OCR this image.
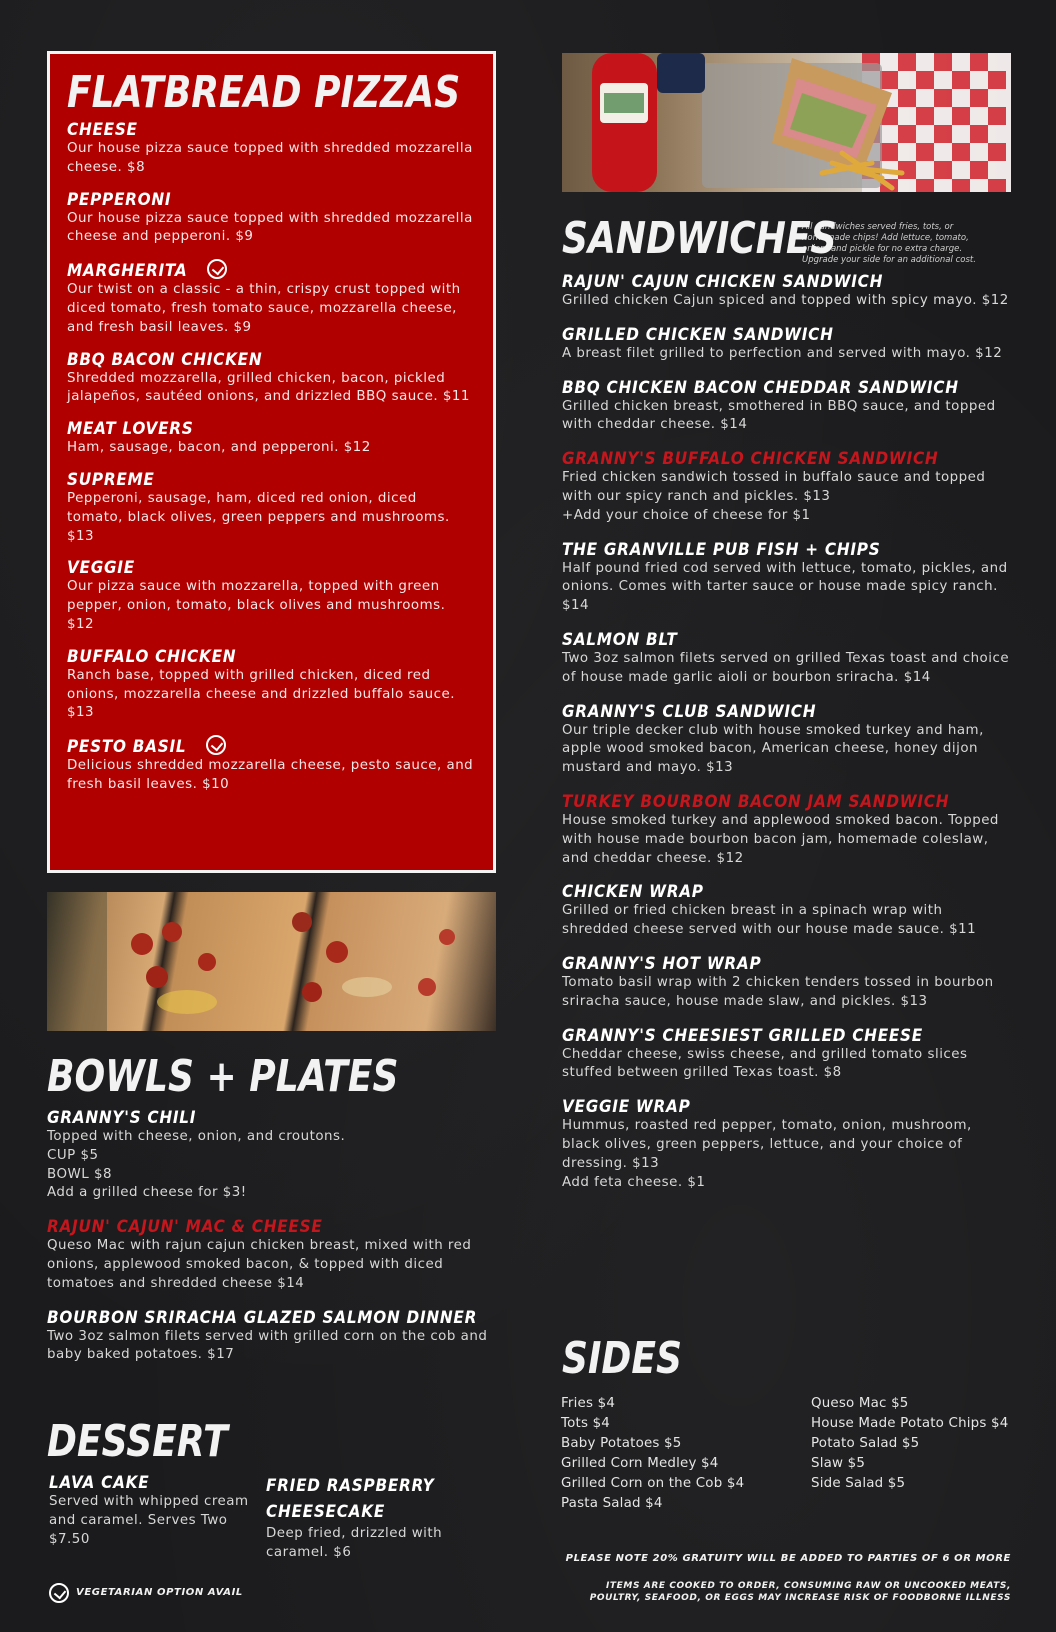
FLATBREAD PIZZAS
CHEESE
Our house pizza sauce topped with shredded mozzarella cheese. $8
PEPPERONI
Our house pizza sauce topped with shredded mozzarella cheese and pepperoni. $9
MARGHERITA
Our twist on a classic - a thin, crispy crust topped with diced tomato, fresh tomato sauce, mozzarella cheese, and fresh basil leaves. $9
BBQ BACON CHICKEN
Shredded mozzarella, grilled chicken, bacon, pickled jalapeños, sautéed onions, and drizzled BBQ sauce. $11
MEAT LOVERS
Ham, sausage, bacon, and pepperoni. $12
SUPREME
Pepperoni, sausage, ham, diced red onion, diced tomato, black olives, green peppers and mushrooms. $13
VEGGIE
Our pizza sauce with mozzarella, topped with green pepper, onion, tomato, black olives and mushrooms. $12
BUFFALO CHICKEN
Ranch base, topped with grilled chicken, diced red onions, mozzarella cheese and drizzled buffalo sauce. $13
PESTO BASIL
Delicious shredded mozzarella cheese, pesto sauce, and fresh basil leaves. $10
BOWLS + PLATES
GRANNY'S CHILI
Topped with cheese, onion, and croutons.
CUP $5
BOWL $8
Add a grilled cheese for $3!
RAJUN' CAJUN' MAC & CHEESE
Queso Mac with rajun cajun chicken breast, mixed with red onions, applewood smoked bacon, & topped with diced tomatoes and shredded cheese $14
BOURBON SRIRACHA GLAZED SALMON DINNER
Two 3oz salmon filets served with grilled corn on the cob and baby baked potatoes. $17
DESSERT
LAVA CAKE
Served with whipped cream and caramel. Serves Two $7.50
FRIED RASPBERRY CHEESECAKE
Deep fried, drizzled with caramel. $6
VEGETARIAN OPTION AVAIL
SANDWICHES
All sandwiches served fries, tots, or homemade chips! Add lettuce, tomato, onion, and pickle for no extra charge. Upgrade your side for an additional cost.
RAJUN' CAJUN CHICKEN SANDWICH
Grilled chicken Cajun spiced and topped with spicy mayo. $12
GRILLED CHICKEN SANDWICH
A breast filet grilled to perfection and served with mayo. $12
BBQ CHICKEN BACON CHEDDAR SANDWICH
Grilled chicken breast, smothered in BBQ sauce, and topped with cheddar cheese. $14
GRANNY'S BUFFALO CHICKEN SANDWICH
Fried chicken sandwich tossed in buffalo sauce and topped with our spicy ranch and pickles. $13
+Add your choice of cheese for $1
THE GRANVILLE PUB FISH + CHIPS
Half pound fried cod served with lettuce, tomato, pickles, and onions. Comes with tarter sauce or house made spicy ranch. $14
SALMON BLT
Two 3oz salmon filets served on grilled Texas toast and choice of house made garlic aioli or bourbon sriracha. $14
GRANNY'S CLUB SANDWICH
Our triple decker club with house smoked turkey and ham, apple wood smoked bacon, American cheese, honey dijon mustard and mayo. $13
TURKEY BOURBON BACON JAM SANDWICH
House smoked turkey and applewood smoked bacon. Topped with house made bourbon bacon jam, homemade coleslaw, and cheddar cheese. $12
CHICKEN WRAP
Grilled or fried chicken breast in a spinach wrap with shredded cheese served with our house made sauce. $11
GRANNY'S HOT WRAP
Tomato basil wrap with 2 chicken tenders tossed in bourbon sriracha sauce, house made slaw, and pickles. $13
GRANNY'S CHEESIEST GRILLED CHEESE
Cheddar cheese, swiss cheese, and grilled tomato slices stuffed between grilled Texas toast. $8
VEGGIE WRAP
Hummus, roasted red pepper, tomato, onion, mushroom, black olives, green peppers, lettuce, and your choice of dressing. $13
Add feta cheese. $1
SIDES
Fries $4
Tots $4
Baby Potatoes $5
Grilled Corn Medley $4
Grilled Corn on the Cob $4
Pasta Salad $4
Queso Mac $5
House Made Potato Chips $4
Potato Salad $5
Slaw $5
Side Salad $5
PLEASE NOTE 20% GRATUITY WILL BE ADDED TO PARTIES OF 6 OR MORE
ITEMS ARE COOKED TO ORDER, CONSUMING RAW OR UNCOOKED MEATS,
POULTRY, SEAFOOD, OR EGGS MAY INCREASE RISK OF FOODBORNE ILLNESS
